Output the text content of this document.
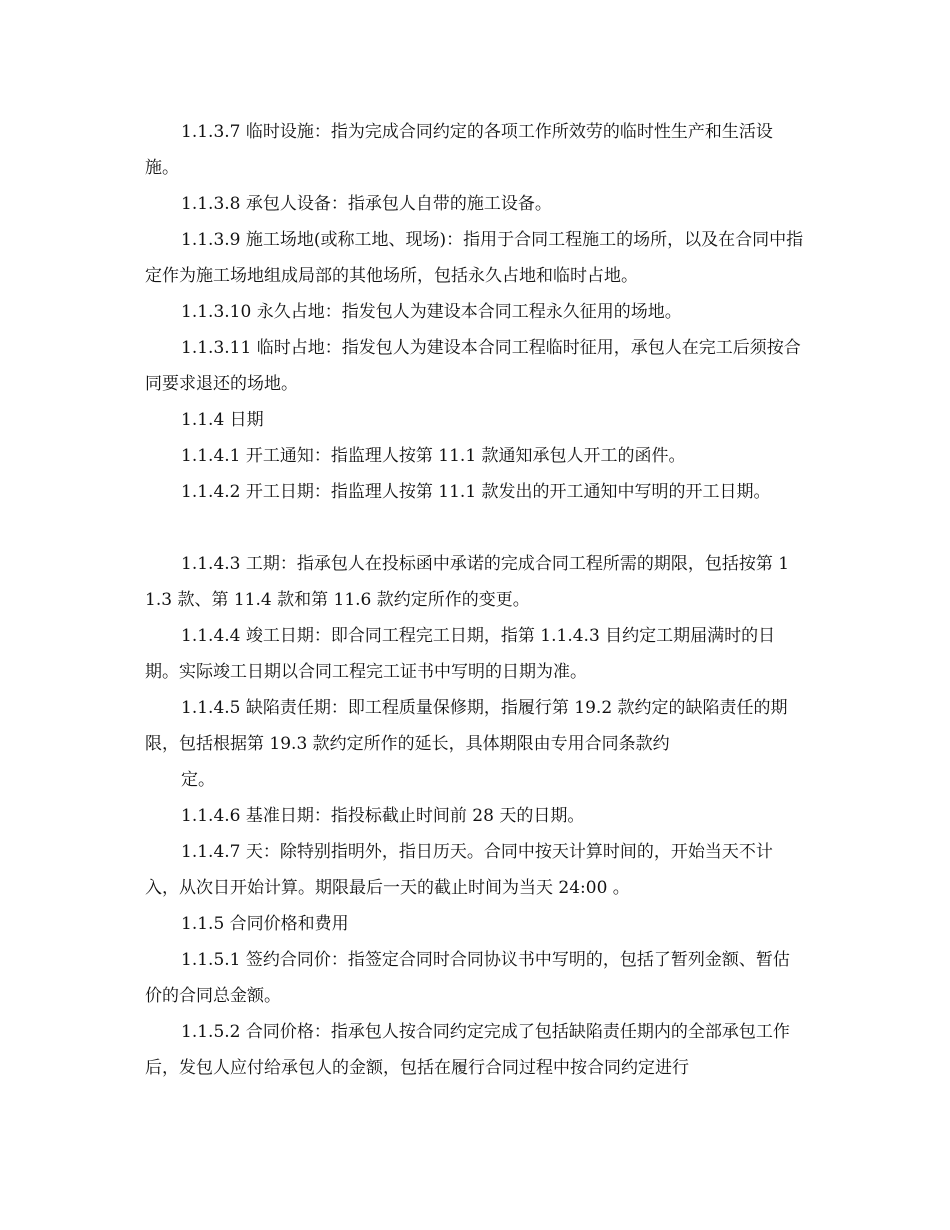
1.1.3.7 临时设施：指为完成合同约定的各项工作所效劳的临时性生产和生活设施。

1.1.3.8 承包人设备：指承包人自带的施工设备。

1.1.3.9 施工场地(或称工地、现场)：指用于合同工程施工的场所，以及在合同中指定作为施工场地组成局部的其他场所，包括永久占地和临时占地。

1.1.3.10 永久占地：指发包人为建设本合同工程永久征用的场地。

1.1.3.11 临时占地：指发包人为建设本合同工程临时征用，承包人在完工后须按合同要求退还的场地。

1.1.4 日期

1.1.4.1 开工通知：指监理人按第 11.1 款通知承包人开工的函件。

1.1.4.2 开工日期：指监理人按第 11.1 款发出的开工通知中写明的开工日期。

1.1.4.3 工期：指承包人在投标函中承诺的完成合同工程所需的期限，包括按第 11.3 款、第 11.4 款和第 11.6 款约定所作的变更。

1.1.4.4 竣工日期：即合同工程完工日期，指第 1.1.4.3 目约定工期届满时的日期。实际竣工日期以合同工程完工证书中写明的日期为准。

1.1.4.5 缺陷责任期：即工程质量保修期，指履行第 19.2 款约定的缺陷责任的期限，包括根据第 19.3 款约定所作的延长，具体期限由专用合同条款约

定。

1.1.4.6 基准日期：指投标截止时间前 28 天的日期。

1.1.4.7 天：除特别指明外，指日历天。合同中按天计算时间的，开始当天不计入，从次日开始计算。期限最后一天的截止时间为当天 24:00 。

1.1.5 合同价格和费用

1.1.5.1 签约合同价：指签定合同时合同协议书中写明的，包括了暂列金额、暂估价的合同总金额。

1.1.5.2 合同价格：指承包人按合同约定完成了包括缺陷责任期内的全部承包工作后，发包人应付给承包人的金额，包括在履行合同过程中按合同约定进行
